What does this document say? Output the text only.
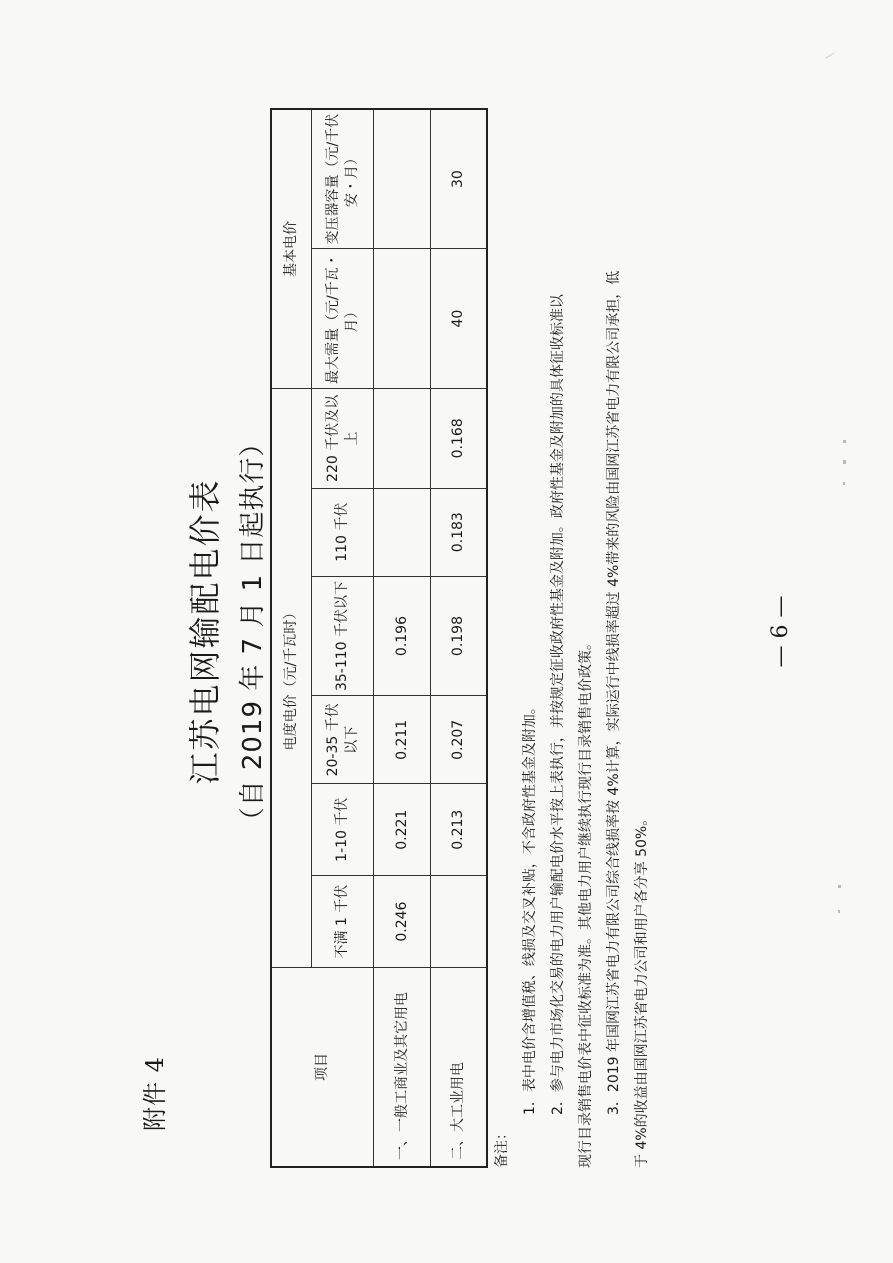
附件 4
江苏电网输配电价表 （自 2019 年 7 月 1 日起执行）
项目	电度电价（元/千瓦时）						基本电价	
	不满 1 千伏	1-10 千伏	20-35 千伏以下	35-110 千伏以下	110 千伏	220 千伏及以上	最大需量（元/千瓦・月）	变压器容量（元/千伏安・月）

一、一般工商业及其它用电	0.246	0.221	0.211	0.196				
二、大工业用电		0.213	0.207	0.198	0.183	0.168	40	30
备注：
1．表中电价含增值税、线损及交叉补贴，不含政府性基金及附加。 2．参与电力市场化交易的电力用户输配电价水平按上表执行，并按规定征收政府性基金及附加。政府性基金及附加的具体征收标准以 现行目录销售电价表中征收标准为准。其他电力用户继续执行现行目录销售电价政策。 3．2019 年国网江苏省电力有限公司综合线损率按 4%计算，实际运行中线损率超过 4%带来的风险由国网江苏省电力有限公司承担，低 于 4%的收益由国网江苏省电力公司和用户各分享 50%。
— 6 —
